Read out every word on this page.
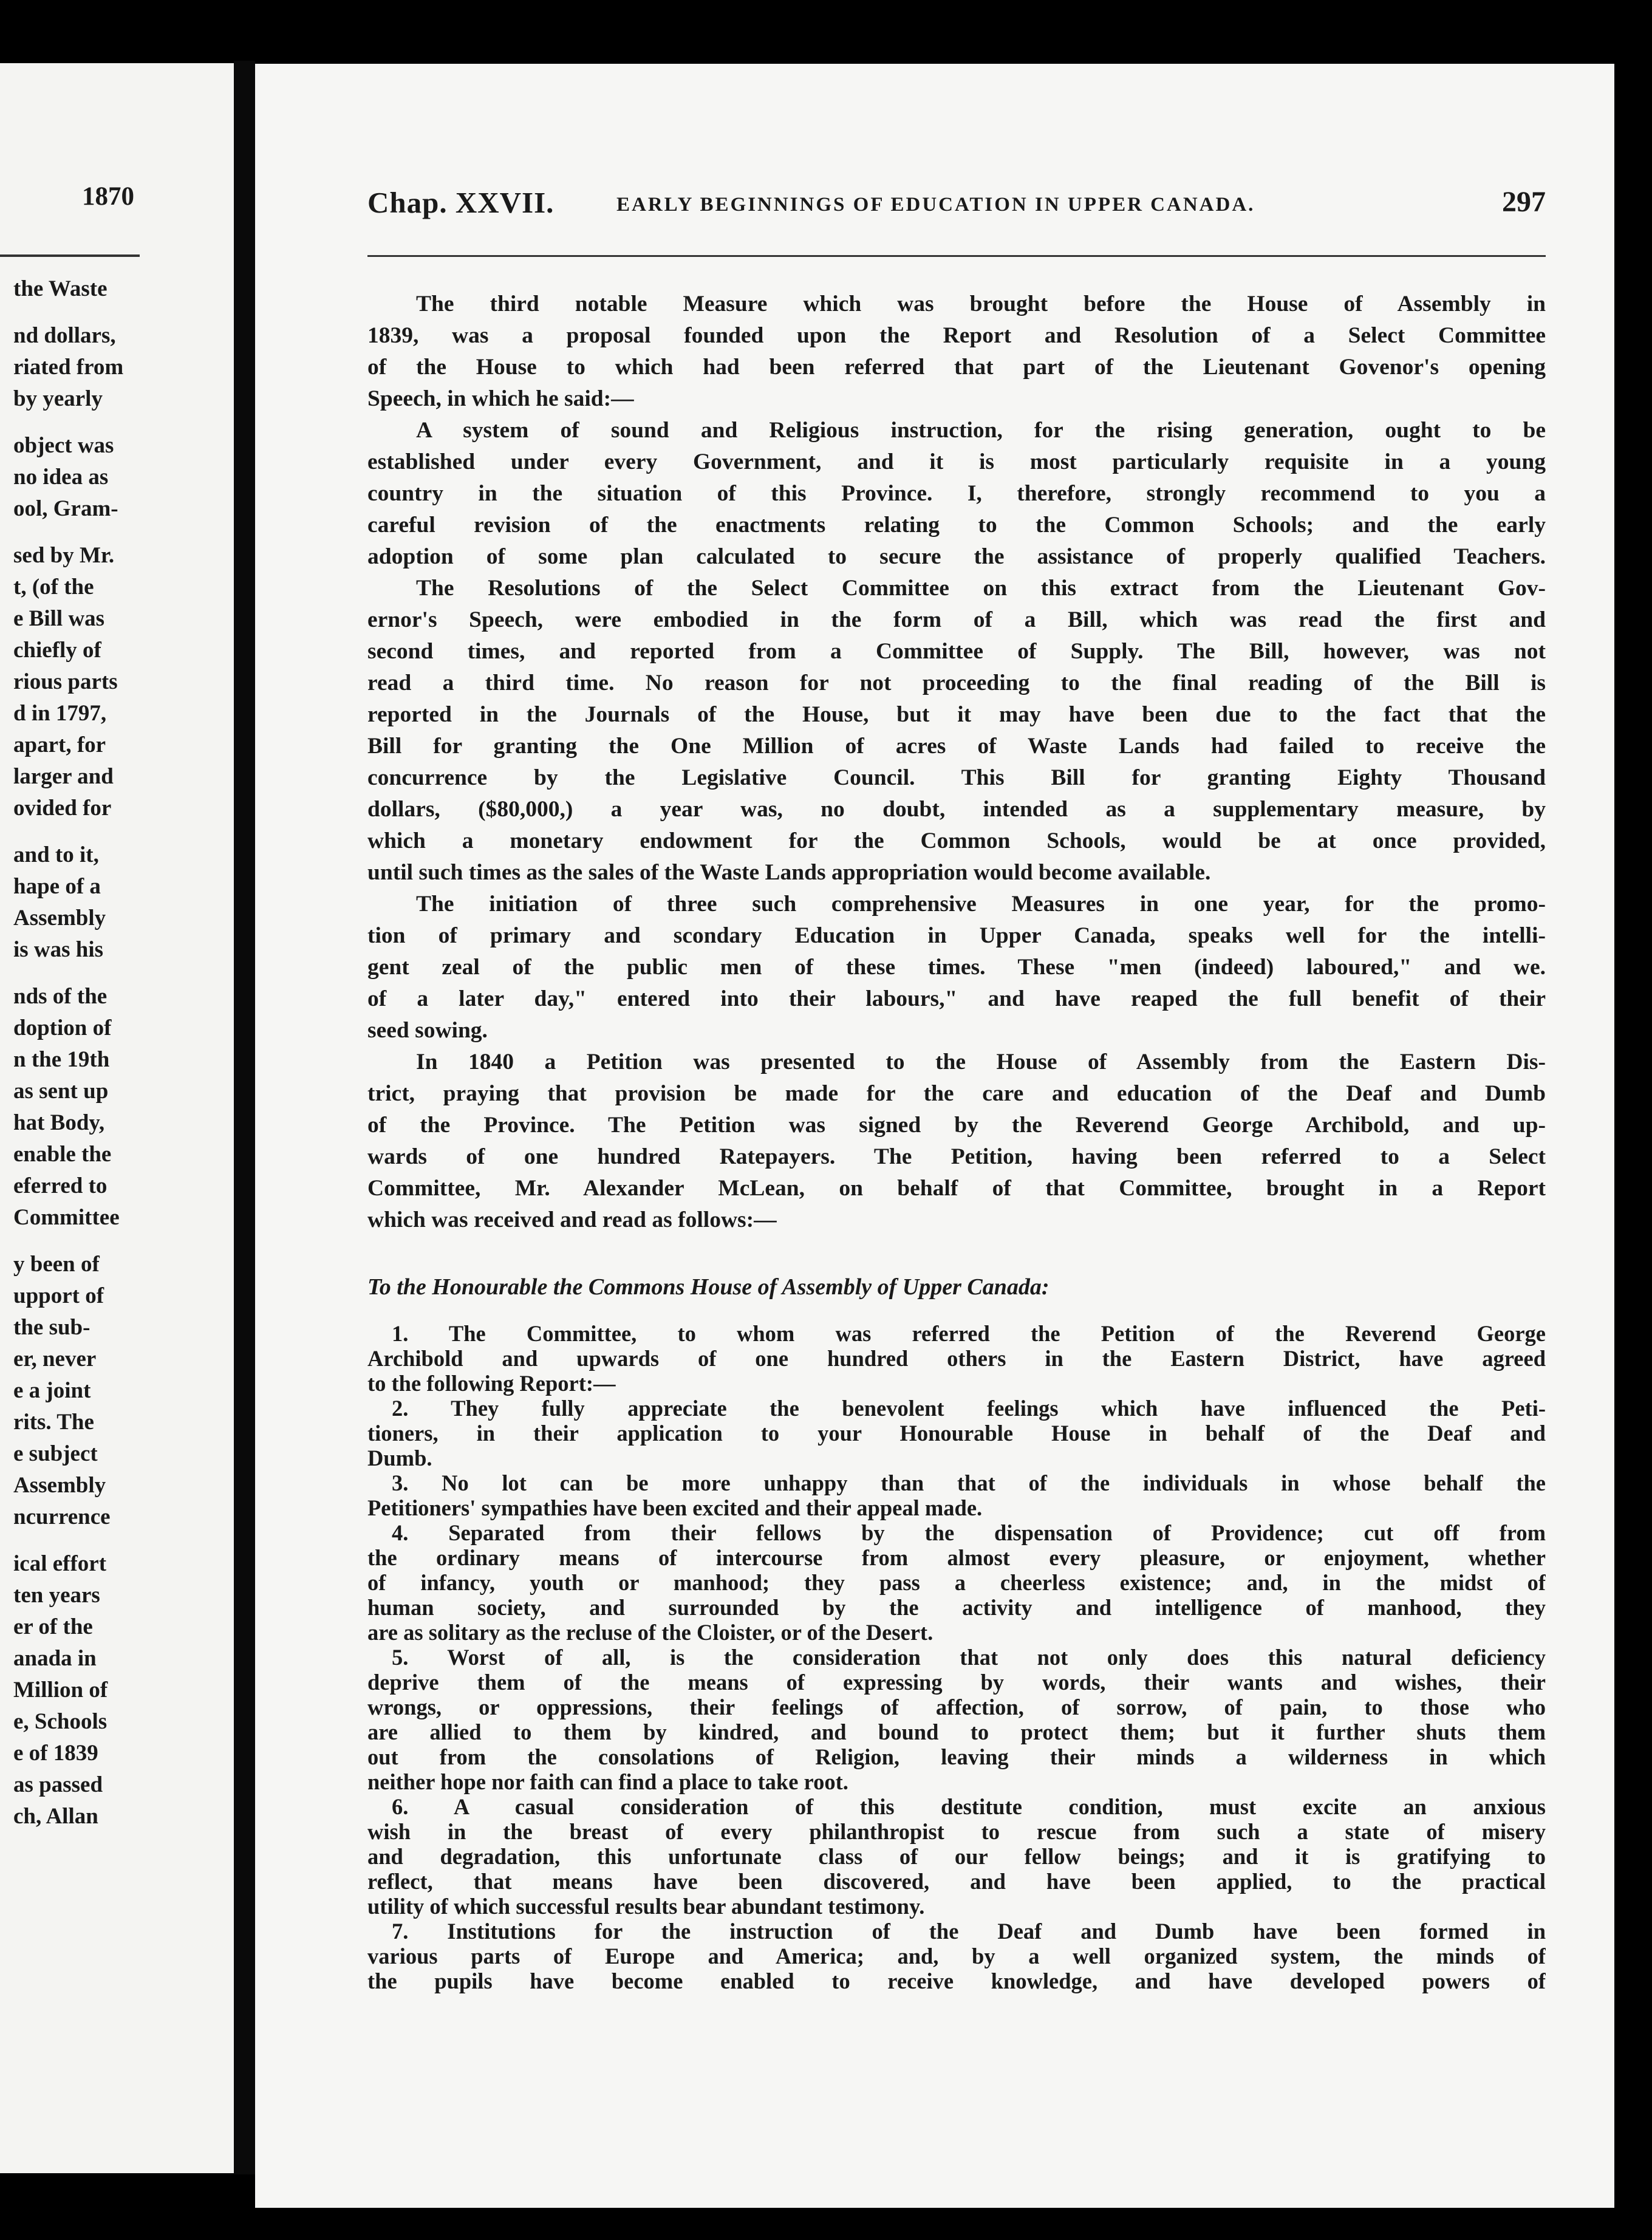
1870
the Waste
nd dollars,
riated from
by yearly
object was
no idea as
ool, Gram-
sed by Mr.
t, (of the
e Bill was
chiefly of
rious parts
d in 1797,
apart, for
larger and
ovided for
and to it,
hape of a
Assembly
is was his
nds of the
doption of
n the 19th
as sent up
hat Body,
enable the
eferred to
Committee
y been of
upport of
the sub-
er, never
e a joint
rits. The
e subject
Assembly
ncurrence
ical effort
ten years
er of the
anada in
Million of
e, Schools
e of 1839
as passed
ch, Allan
Chap. XXVII.	EARLY BEGINNINGS OF EDUCATION IN UPPER CANADA.	297
The third notable Measure which was brought before the House of Assembly in
1839, was a proposal founded upon the Report and Resolution of a Select Committee
of the House to which had been referred that part of the Lieutenant Govenor's opening
Speech, in which he said:—
A system of sound and Religious instruction, for the rising generation, ought to be
established under every Government, and it is most particularly requisite in a young
country in the situation of this Province. I, therefore, strongly recommend to you a
careful revision of the enactments relating to the Common Schools; and the early
adoption of some plan calculated to secure the assistance of properly qualified Teachers.
The Resolutions of the Select Committee on this extract from the Lieutenant Gov-
ernor's Speech, were embodied in the form of a Bill, which was read the first and
second times, and reported from a Committee of Supply. The Bill, however, was not
read a third time. No reason for not proceeding to the final reading of the Bill is
reported in the Journals of the House, but it may have been due to the fact that the
Bill for granting the One Million of acres of Waste Lands had failed to receive the
concurrence by the Legislative Council. This Bill for granting Eighty Thousand
dollars, ($80,000,) a year was, no doubt, intended as a supplementary measure, by
which a monetary endowment for the Common Schools, would be at once provided,
until such times as the sales of the Waste Lands appropriation would become available.
The initiation of three such comprehensive Measures in one year, for the promo-
tion of primary and scondary Education in Upper Canada, speaks well for the intelli-
gent zeal of the public men of these times. These "men (indeed) laboured," and we.
of a later day," entered into their labours," and have reaped the full benefit of their
seed sowing.
In 1840 a Petition was presented to the House of Assembly from the Eastern Dis-
trict, praying that provision be made for the care and education of the Deaf and Dumb
of the Province. The Petition was signed by the Reverend George Archibold, and up-
wards of one hundred Ratepayers. The Petition, having been referred to a Select
Committee, Mr. Alexander McLean, on behalf of that Committee, brought in a Report
which was received and read as follows:—
To the Honourable the Commons House of Assembly of Upper Canada:
1. The Committee, to whom was referred the Petition of the Reverend George
Archibold and upwards of one hundred others in the Eastern District, have agreed
to the following Report:—
2. They fully appreciate the benevolent feelings which have influenced the Peti-
tioners, in their application to your Honourable House in behalf of the Deaf and
Dumb.
3. No lot can be more unhappy than that of the individuals in whose behalf the
Petitioners' sympathies have been excited and their appeal made.
4. Separated from their fellows by the dispensation of Providence; cut off from
the ordinary means of intercourse from almost every pleasure, or enjoyment, whether
of infancy, youth or manhood; they pass a cheerless existence; and, in the midst of
human society, and surrounded by the activity and intelligence of manhood, they
are as solitary as the recluse of the Cloister, or of the Desert.
5. Worst of all, is the consideration that not only does this natural deficiency
deprive them of the means of expressing by words, their wants and wishes, their
wrongs, or oppressions, their feelings of affection, of sorrow, of pain, to those who
are allied to them by kindred, and bound to protect them; but it further shuts them
out from the consolations of Religion, leaving their minds a wilderness in which
neither hope nor faith can find a place to take root.
6. A casual consideration of this destitute condition, must excite an anxious
wish in the breast of every philanthropist to rescue from such a state of misery
and degradation, this unfortunate class of our fellow beings; and it is gratifying to
reflect, that means have been discovered, and have been applied, to the practical
utility of which successful results bear abundant testimony.
7. Institutions for the instruction of the Deaf and Dumb have been formed in
various parts of Europe and America; and, by a well organized system, the minds of
the pupils have become enabled to receive knowledge, and have developed powers of
